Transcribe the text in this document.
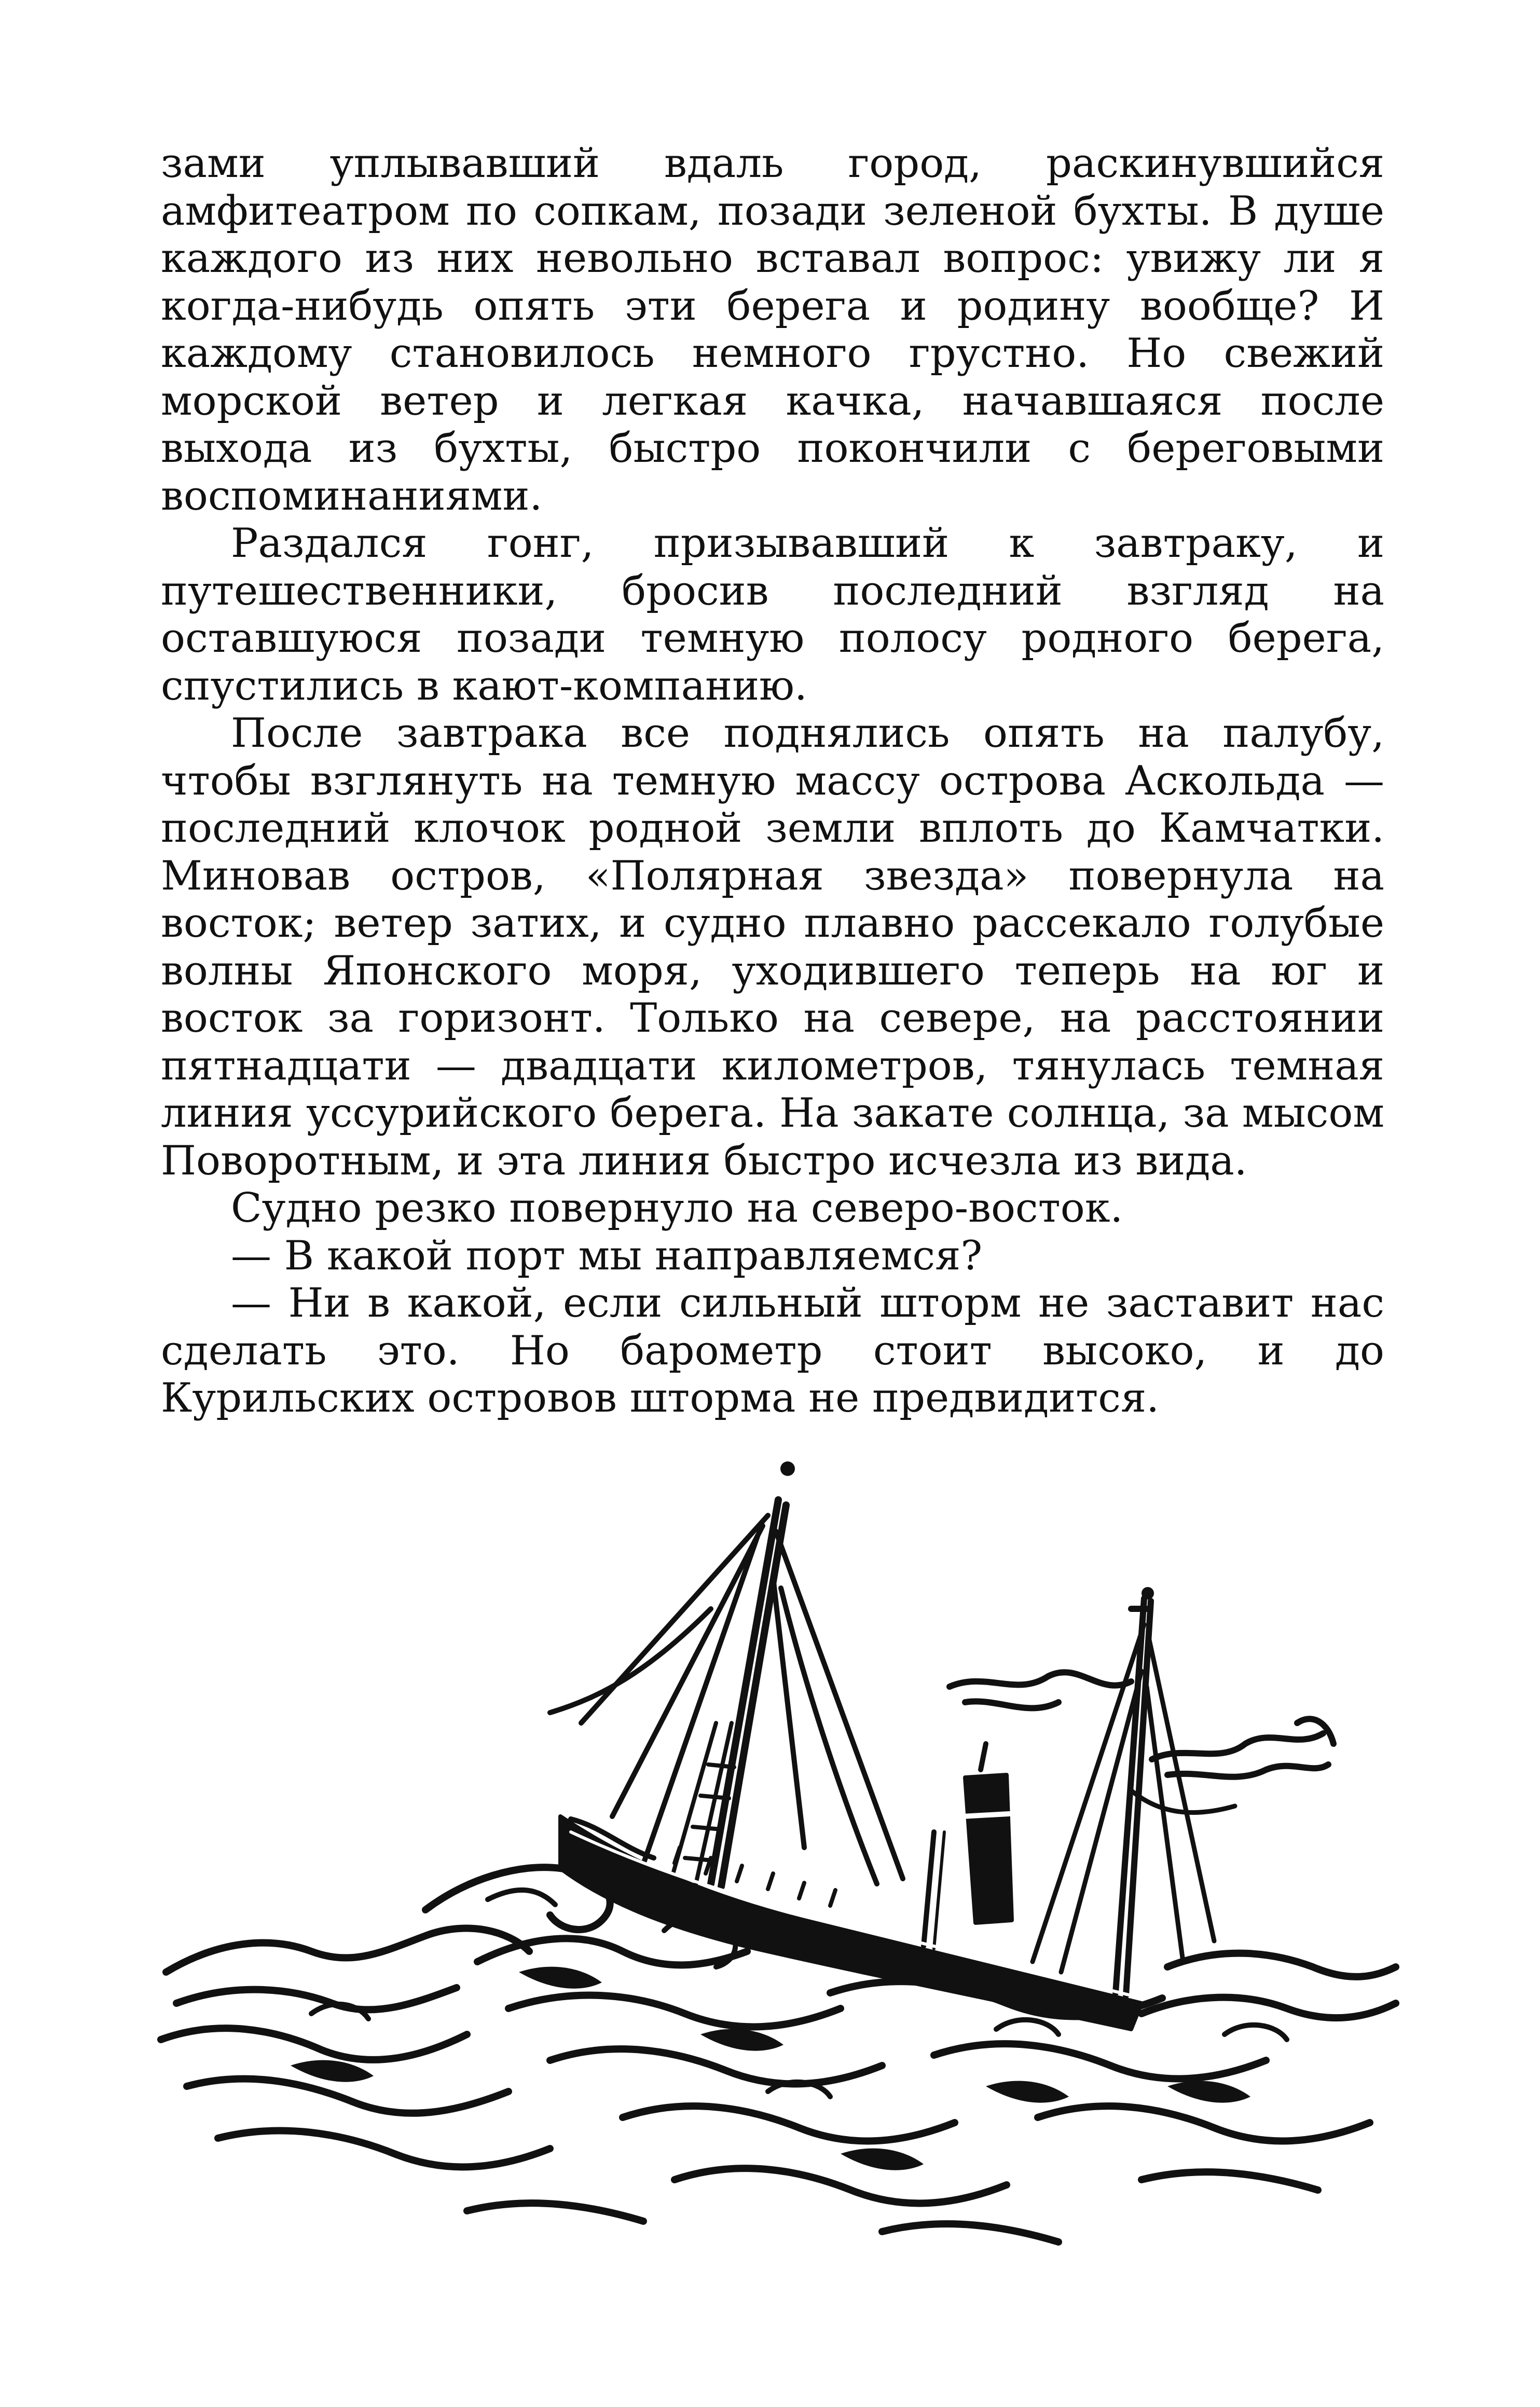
зами уплывавший вдаль город, раскинувшийся амфитеатром по сопкам, позади зеленой бухты. В душе каждого из них невольно вставал вопрос: увижу ли я когда-нибудь опять эти берега и родину вообще? И каждому становилось немного грустно. Но свежий морской ветер и легкая качка, начавшаяся после выхода из бухты, быстро покончили с береговыми воспоминаниями.

Раздался гонг, призывавший к завтраку, и путешественники, бросив последний взгляд на оставшуюся позади темную полосу родного берега, спустились в кают-компанию.

После завтрака все поднялись опять на палубу, чтобы взглянуть на темную массу острова Аскольда — последний клочок родной земли вплоть до Камчатки. Миновав остров, «Полярная звезда» повернула на восток; ветер затих, и судно плавно рассекало голубые волны Японского моря, уходившего теперь на юг и восток за горизонт. Только на севере, на расстоянии пятнадцати — двадцати километров, тянулась темная линия уссурийского берега. На закате солнца, за мысом Поворотным, и эта линия быстро исчезла из вида.

Судно резко повернуло на северо-восток.

— В какой порт мы направляемся?

— Ни в какой, если сильный шторм не заставит нас сделать это. Но барометр стоит высоко, и до Курильских островов шторма не предвидится.
